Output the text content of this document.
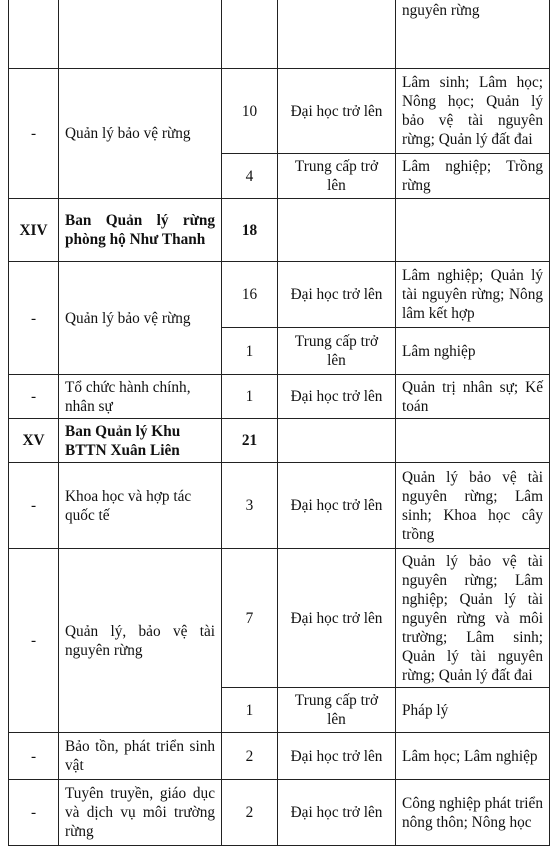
				nguyên rừng
-	Quản lý bảo vệ rừng	10	Đại học trở lên	Lâm sinh; Lâm học; Nông học; Quản lý bảo vệ tài nguyên rừng; Quản lý đất đai
		4	Trung cấp trở lên	Lâm nghiệp; Trồng rừng
XIV	Ban Quản lý rừng phòng hộ Như Thanh	18		
-	Quản lý bảo vệ rừng	16	Đại học trở lên	Lâm nghiệp; Quản lý tài nguyên rừng; Nông lâm kết hợp
		1	Trung cấp trở lên	Lâm nghiệp
-	Tổ chức hành chính, nhân sự	1	Đại học trở lên	Quản trị nhân sự; Kế toán
XV	Ban Quản lý Khu BTTN Xuân Liên	21		
-	Khoa học và hợp tác quốc tế	3	Đại học trở lên	Quản lý bảo vệ tài nguyên rừng; Lâm sinh; Khoa học cây trồng
-	Quản lý, bảo vệ tài nguyên rừng	7	Đại học trở lên	Quản lý bảo vệ tài nguyên rừng; Lâm nghiệp; Quản lý tài nguyên rừng và môi trường; Lâm sinh; Quản lý tài nguyên rừng; Quản lý đất đai
		1	Trung cấp trở lên	Pháp lý
-	Bảo tồn, phát triển sinh vật	2	Đại học trở lên	Lâm học; Lâm nghiệp
-	Tuyên truyền, giáo dục và dịch vụ môi trường rừng	2	Đại học trở lên	Công nghiệp phát triển nông thôn; Nông học
